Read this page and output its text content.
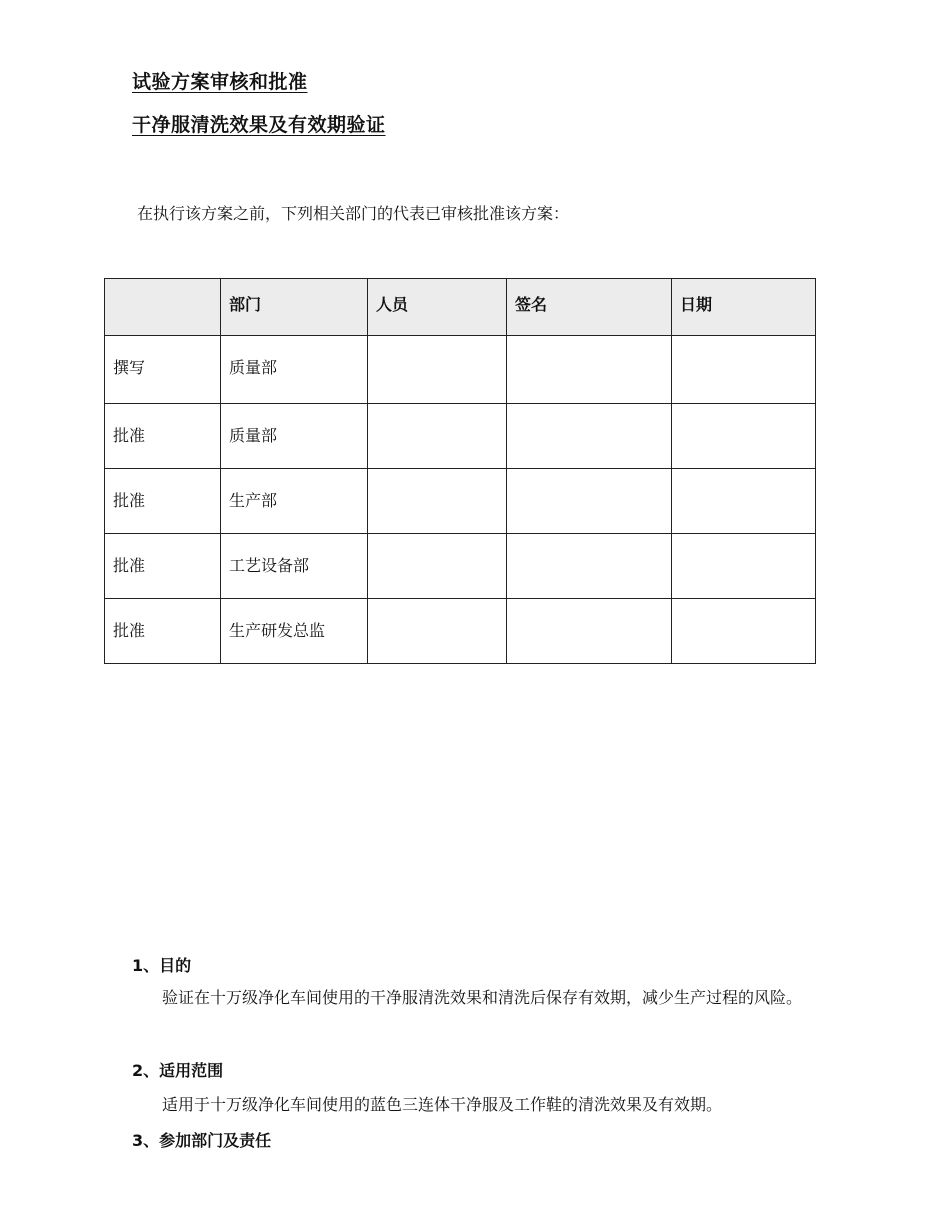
试验方案审核和批准
干净服清洗效果及有效期验证
在执行该方案之前，下列相关部门的代表已审核批准该方案：
	部门	人员	签名	日期
撰写	质量部			
批准	质量部			
批准	生产部			
批准	工艺设备部			
批准	生产研发总监			
1、目的
验证在十万级净化车间使用的干净服清洗效果和清洗后保存有效期，减少生产过程的风险。
2、适用范围
适用于十万级净化车间使用的蓝色三连体干净服及工作鞋的清洗效果及有效期。
3、参加部门及责任
